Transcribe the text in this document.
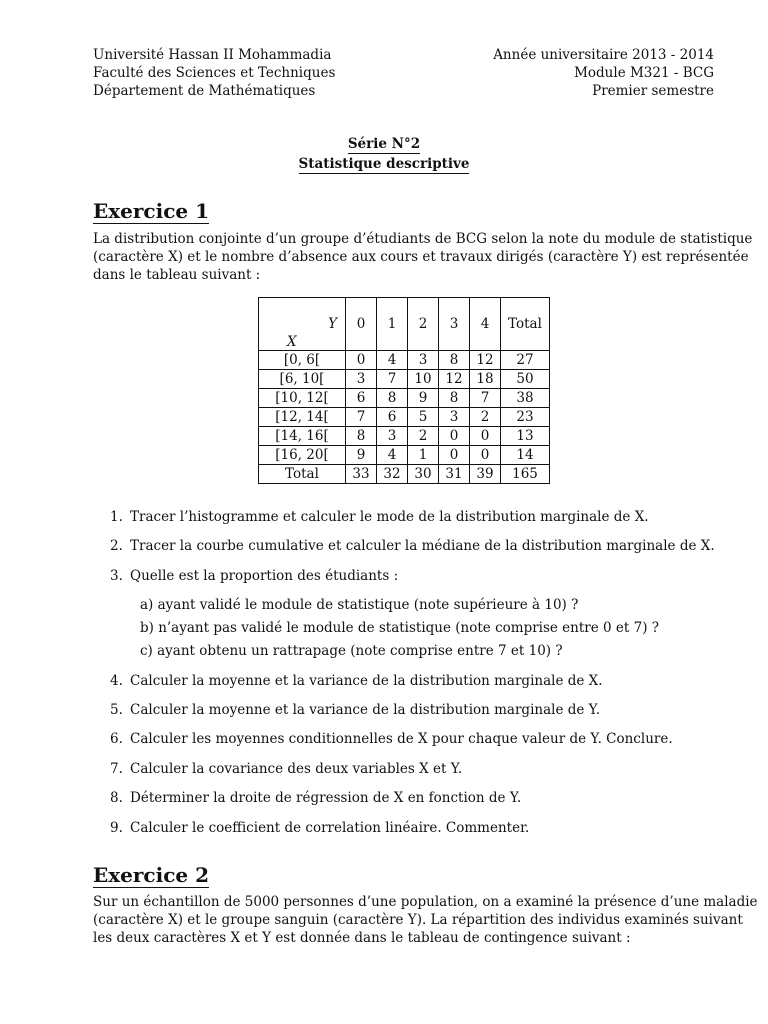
Université Hassan II Mohammadia
Faculté des Sciences et Techniques
Département de Mathématiques
Année universitaire 2013 - 2014
Module M321 - BCG
Premier semestre
Série N°2
Statistique descriptive
Exercice 1
La distribution conjointe d’un groupe d’étudiants de BCG selon la note du module de statistique
(caractère X) et le nombre d’absence aux cours et travaux dirigés (caractère Y) est représentée
dans le tableau suivant :
Y
X	0	1	2	3	4	Total
[0, 6[	0	4	3	8	12	27
[6, 10[	3	7	10	12	18	50
[10, 12[	6	8	9	8	7	38
[12, 14[	7	6	5	3	2	23
[14, 16[	8	3	2	0	0	13
[16, 20[	9	4	1	0	0	14
Total	33	32	30	31	39	165
1. Tracer l’histogramme et calculer le mode de la distribution marginale de X.
2. Tracer la courbe cumulative et calculer la médiane de la distribution marginale de X.
3. Quelle est la proportion des étudiants :
a) ayant validé le module de statistique (note supérieure à 10) ?
b) n’ayant pas validé le module de statistique (note comprise entre 0 et 7) ?
c) ayant obtenu un rattrapage (note comprise entre 7 et 10) ?
4. Calculer la moyenne et la variance de la distribution marginale de X.
5. Calculer la moyenne et la variance de la distribution marginale de Y.
6. Calculer les moyennes conditionnelles de X pour chaque valeur de Y. Conclure.
7. Calculer la covariance des deux variables X et Y.
8. Déterminer la droite de régression de X en fonction de Y.
9. Calculer le coefficient de correlation linéaire. Commenter.
Exercice 2
Sur un échantillon de 5000 personnes d’une population, on a examiné la présence d’une maladie
(caractère X) et le groupe sanguin (caractère Y). La répartition des individus examinés suivant
les deux caractères X et Y est donnée dans le tableau de contingence suivant :
